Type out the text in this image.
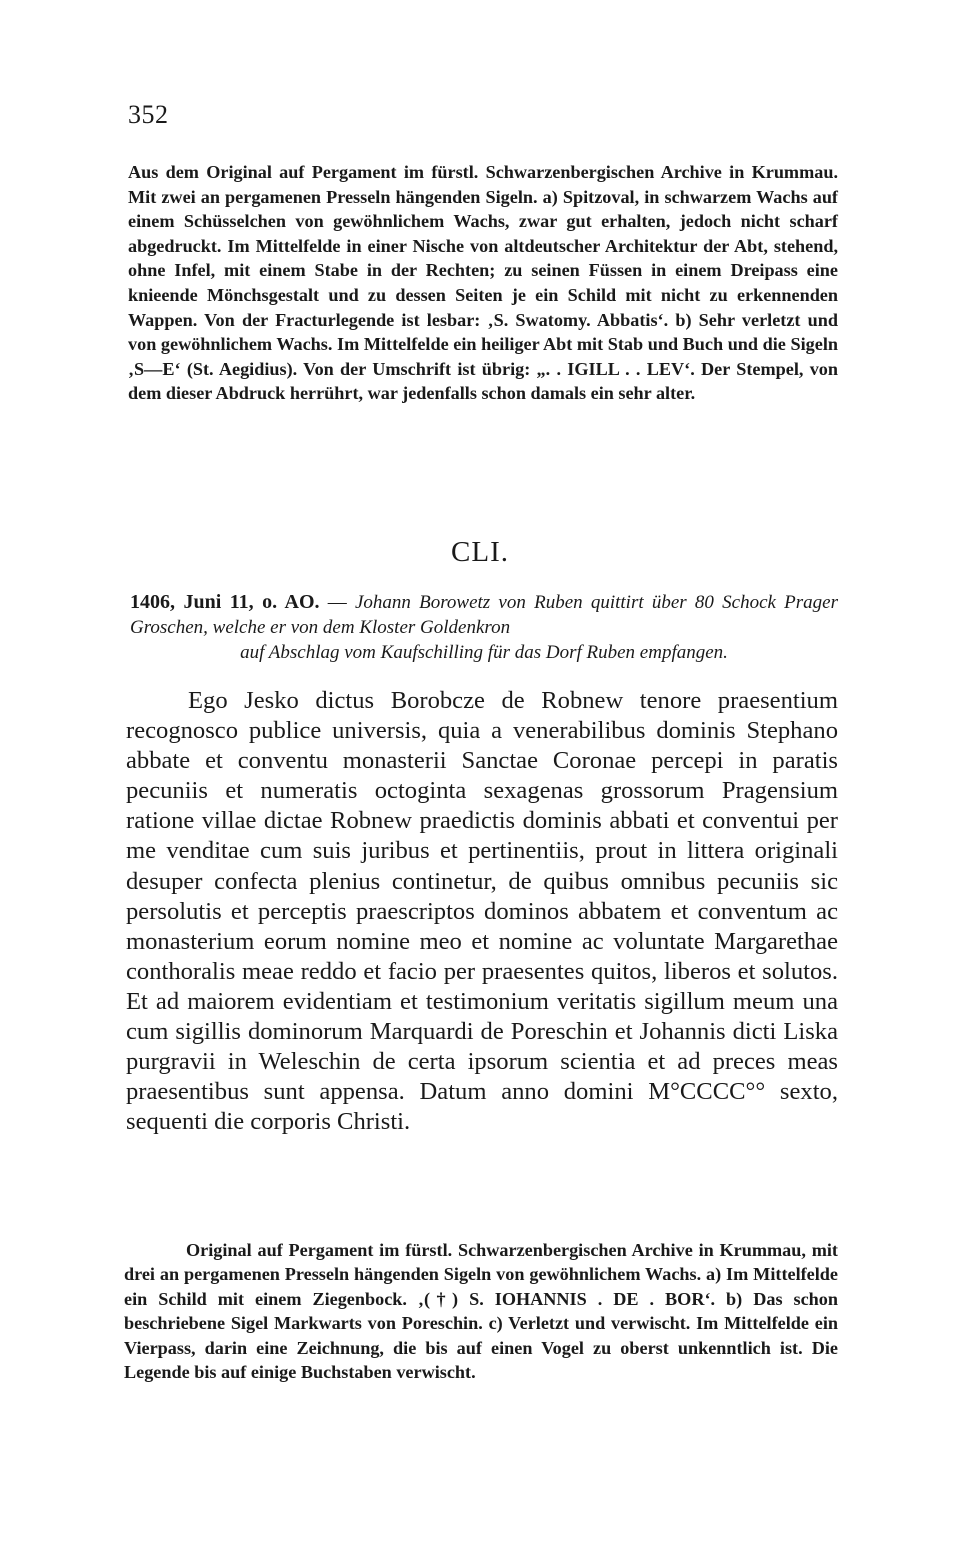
352
Aus dem Original auf Pergament im fürstl. Schwarzenbergischen Archive in Krummau. Mit zwei an pergamenen Presseln hängenden Sigeln. a) Spitzoval, in schwarzem Wachs auf einem Schüsselchen von gewöhnlichem Wachs, zwar gut erhalten, jedoch nicht scharf abgedruckt. Im Mittelfelde in einer Nische von altdeutscher Architektur der Abt, stehend, ohne Infel, mit einem Stabe in der Rechten; zu seinen Füssen in einem Dreipass eine knieende Mönchsgestalt und zu dessen Seiten je ein Schild mit nicht zu erkennenden Wappen. Von der Fracturlegende ist lesbar: ‚S. Swatomy. Abbatis‘. b) Sehr verletzt und von gewöhnlichem Wachs. Im Mittelfelde ein heiliger Abt mit Stab und Buch und die Sigeln ‚S—E‘ (St. Aegidius). Von der Umschrift ist übrig: „. . IGILL . . LEV‘. Der Stempel, von dem dieser Abdruck herrührt, war jedenfalls schon damals ein sehr alter.
CLI.
1406, Juni 11, o. AO. — Johann Borowetz von Ruben quittirt über 80 Schock Prager Groschen, welche er von dem Kloster Goldenkron
auf Abschlag vom Kaufschilling für das Dorf Ruben empfangen.
Ego Jesko dictus Borobcze de Robnew tenore praesentium recognosco publice universis, quia a venerabilibus dominis Stephano abbate et conventu monasterii Sanctae Coronae percepi in paratis pecuniis et numeratis octoginta sexagenas grossorum Pragensium ratione villae dictae Robnew praedictis dominis abbati et conventui per me venditae cum suis juribus et pertinentiis, prout in littera originali desuper confecta plenius continetur, de quibus omnibus pecuniis sic persolutis et perceptis praescriptos dominos abbatem et conventum ac monasterium eorum nomine meo et nomine ac voluntate Margarethae conthoralis meae reddo et facio per praesentes quitos, liberos et solutos. Et ad maiorem evidentiam et testimonium veritatis sigillum meum una cum sigillis dominorum Marquardi de Poreschin et Johannis dicti Liska purgravii in Weleschin de certa ipsorum scientia et ad preces meas praesentibus sunt appensa. Datum anno domini M°CCCC°° sexto, sequenti die corporis Christi.
Original auf Pergament im fürstl. Schwarzenbergischen Archive in Krummau, mit drei an pergamenen Presseln hängenden Sigeln von gewöhnlichem Wachs. a) Im Mittelfelde ein Schild mit einem Ziegenbock. ‚(†) S. IOHANNIS . DE . BOR‘. b) Das schon beschriebene Sigel Markwarts von Poreschin. c) Verletzt und verwischt. Im Mittelfelde ein Vierpass, darin eine Zeichnung, die bis auf einen Vogel zu oberst unkenntlich ist. Die Legende bis auf einige Buchstaben verwischt.
